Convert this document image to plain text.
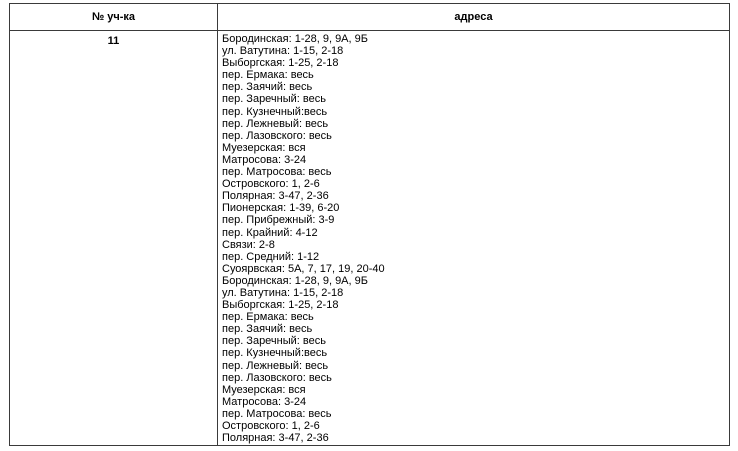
№ уч-ка	адреса
11	Бородинская: 1-28, 9, 9А, 9Б
ул. Ватутина: 1-15, 2-18
Выборгская: 1-25, 2-18
пер. Ермака: весь
пер. Заячий: весь
пер. Заречный: весь
пер. Кузнечный:весь
пер. Лежневый: весь
пер. Лазовского: весь
Муезерская: вся
Матросова: 3-24
пер. Матросова: весь
Островского: 1, 2-6
Полярная: 3-47, 2-36
Пионерская: 1-39, 6-20
пер. Прибрежный: 3-9
пер. Крайний: 4-12
Связи: 2-8
пер. Средний: 1-12
Суоярвская: 5А, 7, 17, 19, 20-40
Бородинская: 1-28, 9, 9А, 9Б
ул. Ватутина: 1-15, 2-18
Выборгская: 1-25, 2-18
пер. Ермака: весь
пер. Заячий: весь
пер. Заречный: весь
пер. Кузнечный:весь
пер. Лежневый: весь
пер. Лазовского: весь
Муезерская: вся
Матросова: 3-24
пер. Матросова: весь
Островского: 1, 2-6
Полярная: 3-47, 2-36
